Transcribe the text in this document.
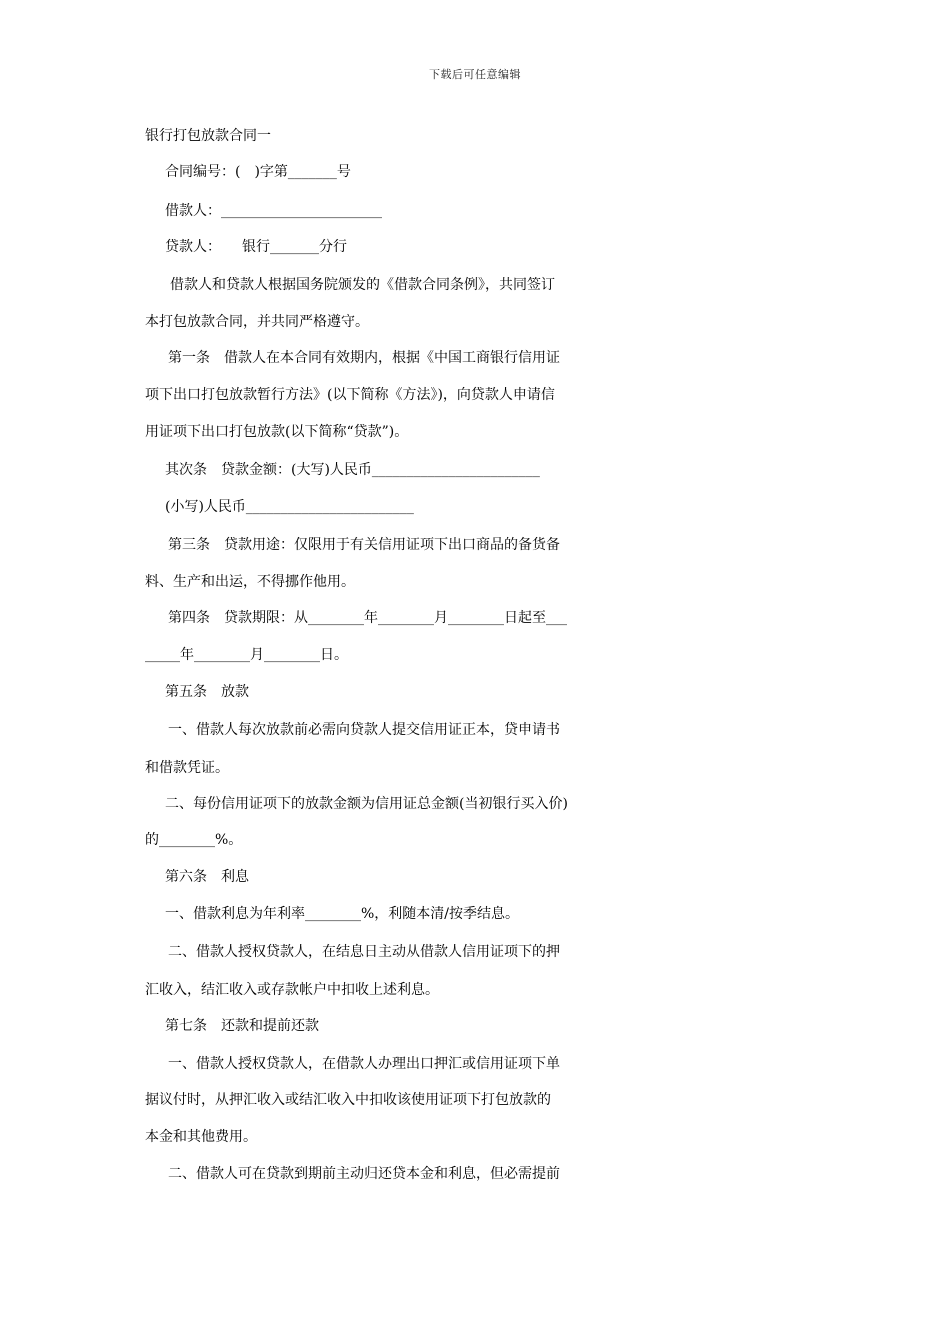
下载后可任意编辑
银行打包放款合同一
合同编号：(　)字第_______号
借款人：_______________________
贷款人：　　银行_______分行
借款人和贷款人根据国务院颁发的《借款合同条例》，共同签订
本打包放款合同，并共同严格遵守。
第一条　借款人在本合同有效期内，根据《中国工商银行信用证
项下出口打包放款暂行方法》(以下简称《方法》)，向贷款人申请信
用证项下出口打包放款(以下简称“贷款”)。
其次条　贷款金额：(大写)人民币________________________
(小写)人民币________________________
第三条　贷款用途：仅限用于有关信用证项下出口商品的备货备
料、生产和出运，不得挪作他用。
第四条　贷款期限：从________年________月________日起至___
_____年________月________日。
第五条　放款
一、借款人每次放款前必需向贷款人提交信用证正本，贷申请书
和借款凭证。
二、每份信用证项下的放款金额为信用证总金额(当初银行买入价)
的________%。
第六条　利息
一、借款利息为年利率________%，利随本清/按季结息。
二、借款人授权贷款人，在结息日主动从借款人信用证项下的押
汇收入，结汇收入或存款帐户中扣收上述利息。
第七条　还款和提前还款
一、借款人授权贷款人，在借款人办理出口押汇或信用证项下单
据议付时，从押汇收入或结汇收入中扣收该使用证项下打包放款的
本金和其他费用。
二、借款人可在贷款到期前主动归还贷本金和利息，但必需提前
